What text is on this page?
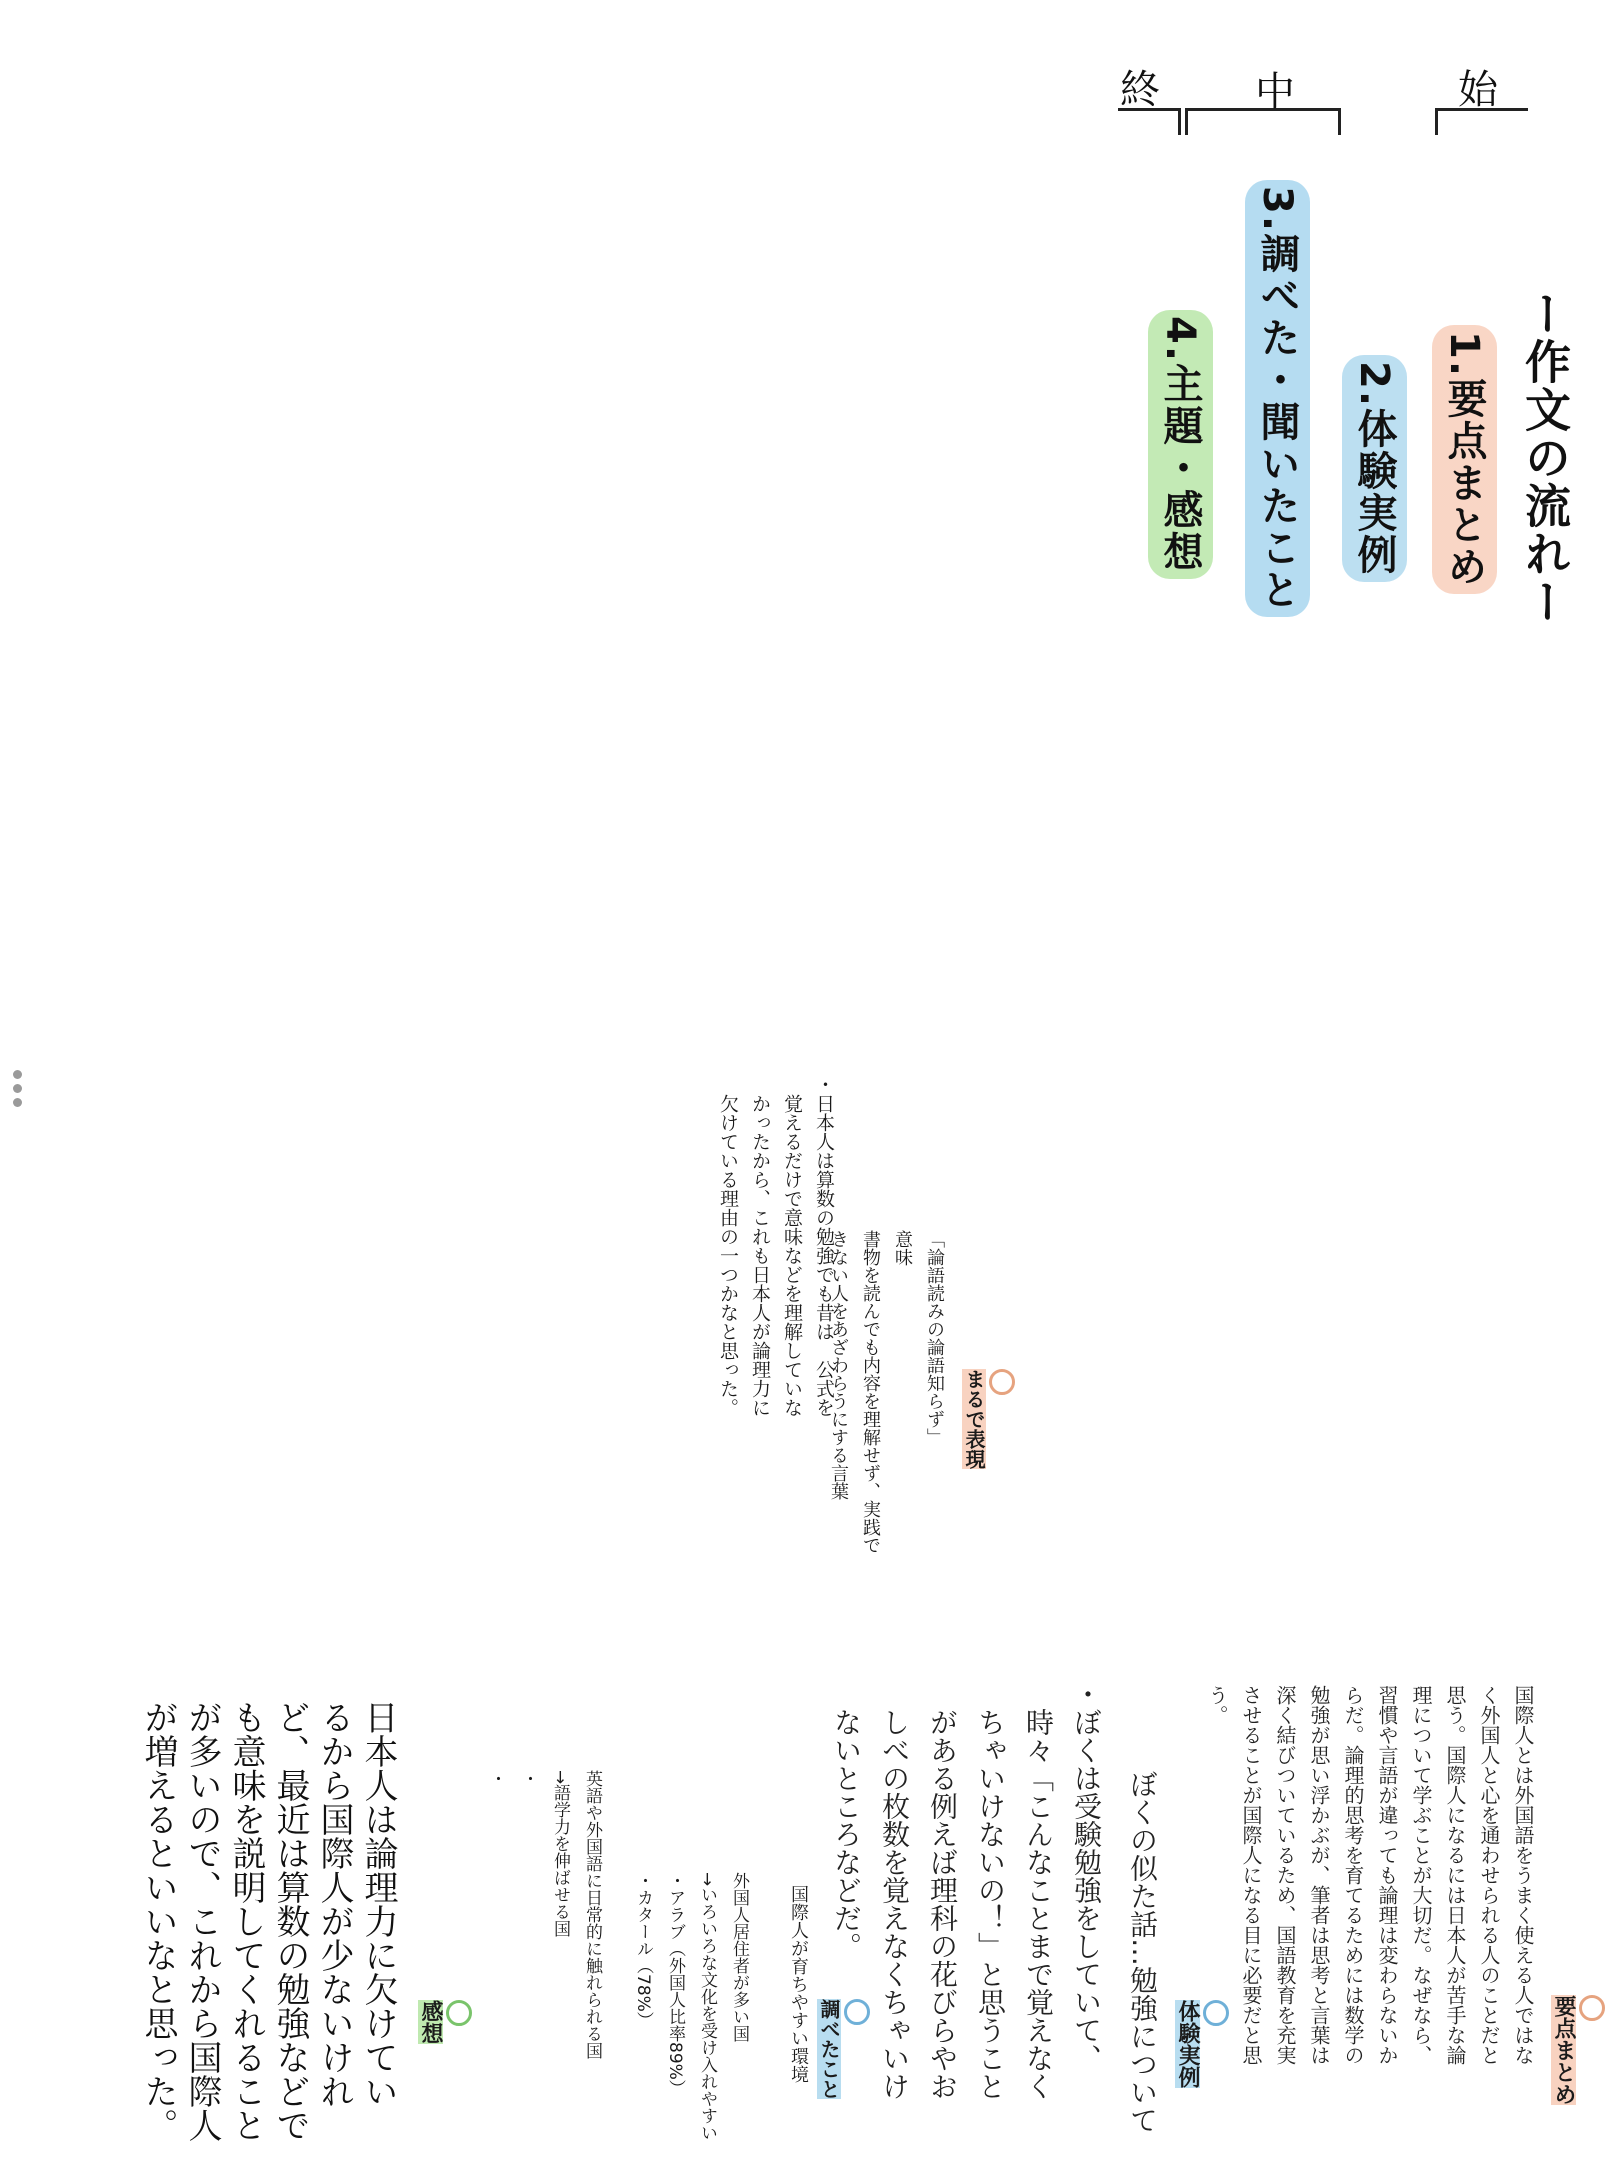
ー作文の流れー
1.要点まとめ
2.体験実例
3.調べた・聞いたこと
4.主題・感想
始
中
終

要点まとめ

国際人とは外国語をうまく使える人ではな
く外国人と心を通わせられる人のことだと
思う。国際人になるには日本人が苦手な論
理について学ぶことが大切だ。なぜなら、
習慣や言語が違っても論理は変わらないか
らだ。論理的思考を育てるためには数学の
勉強が思い浮かぶが、筆者は思考と言葉は
深く結びついているため、国語教育を充実
させることが国際人になる目に必要だと思
う。

体験実例

ぼくの似た話…勉強について
・ぼくは受験勉強をしていて、
　時々「こんなことまで覚えなく
　ちゃいけないの！」と思うこと
　がある例えば理科の花びらやお
　しべの枚数を覚えなくちゃいけ
　ないところなどだ。

調べたこと

国際人が育ちやすい環境
外国人居住者が多い国
→いろいろな文化を受け入れやすい
・アラブ（外国人比率89%）
・カタール（78%）
英語や外国語に日常的に触れられる国
→語学力を伸ばせる国
・
・

感想

日本人は論理力に欠けてい
るから国際人が少ないけれ
ど、最近は算数の勉強などで
も意味を説明してくれること
が多いので、これから国際人
が増えるといいなと思った。

まるで表現

「論語読みの論語知らず」
意味
書物を読んでも内容を理解せず、実践で
きない人をあざわらうにする言葉
・日本人は算数の勉強でも昔は　公式を
　覚えるだけで意味などを理解していな
　かったから、これも日本人が論理力に
　欠けている理由の一つかなと思った。
